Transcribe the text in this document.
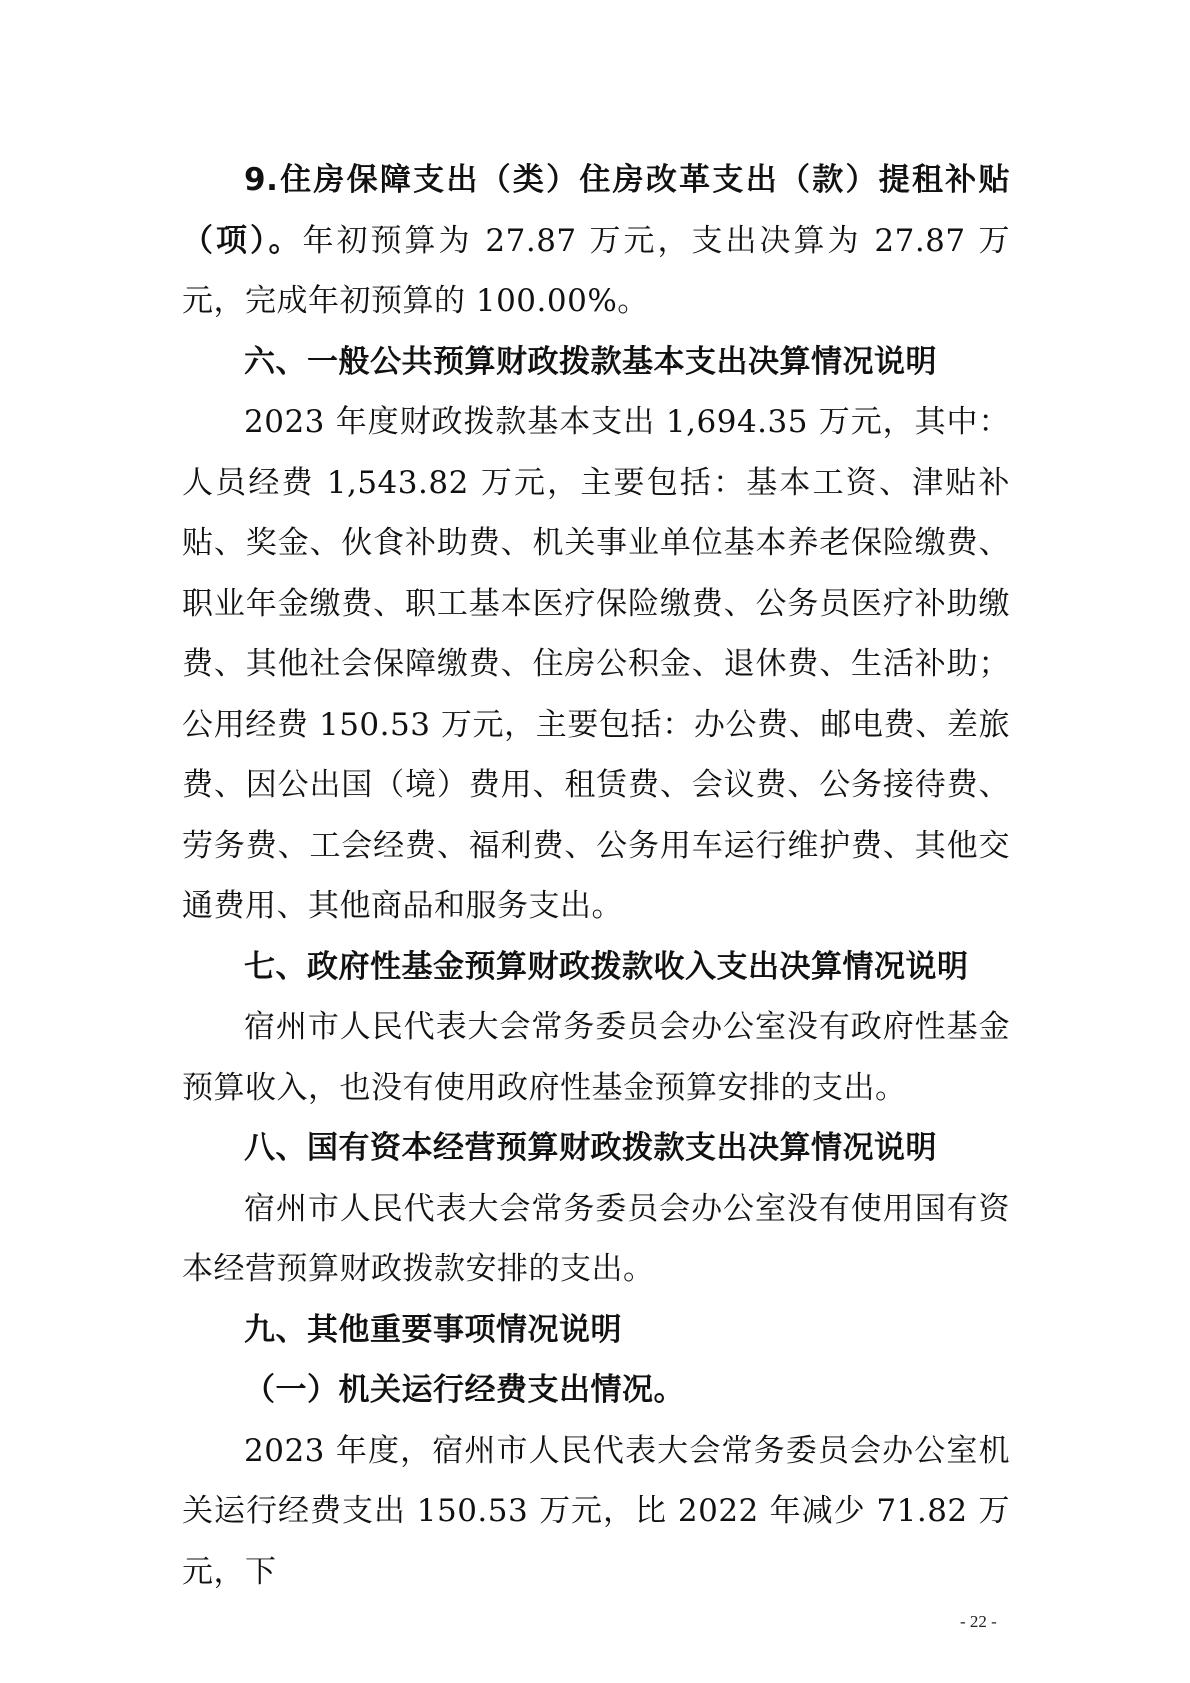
9.住房保障支出（类）住房改革支出（款）提租补贴（项）。年初预算为 27.87 万元，支出决算为 27.87 万元，完成年初预算的 100.00%。

六、一般公共预算财政拨款基本支出决算情况说明

2023 年度财政拨款基本支出 1,694.35 万元，其中：人员经费 1,543.82 万元，主要包括：基本工资、津贴补贴、奖金、伙食补助费、机关事业单位基本养老保险缴费、职业年金缴费、职工基本医疗保险缴费、公务员医疗补助缴费、其他社会保障缴费、住房公积金、退休费、生活补助；公用经费 150.53 万元，主要包括：办公费、邮电费、差旅费、因公出国（境）费用、租赁费、会议费、公务接待费、劳务费、工会经费、福利费、公务用车运行维护费、其他交通费用、其他商品和服务支出。

七、政府性基金预算财政拨款收入支出决算情况说明

宿州市人民代表大会常务委员会办公室没有政府性基金预算收入，也没有使用政府性基金预算安排的支出。

八、国有资本经营预算财政拨款支出决算情况说明

宿州市人民代表大会常务委员会办公室没有使用国有资本经营预算财政拨款安排的支出。

九、其他重要事项情况说明

（一）机关运行经费支出情况。

2023 年度，宿州市人民代表大会常务委员会办公室机关运行经费支出 150.53 万元，比 2022 年减少 71.82 万元，下

- 22 -
